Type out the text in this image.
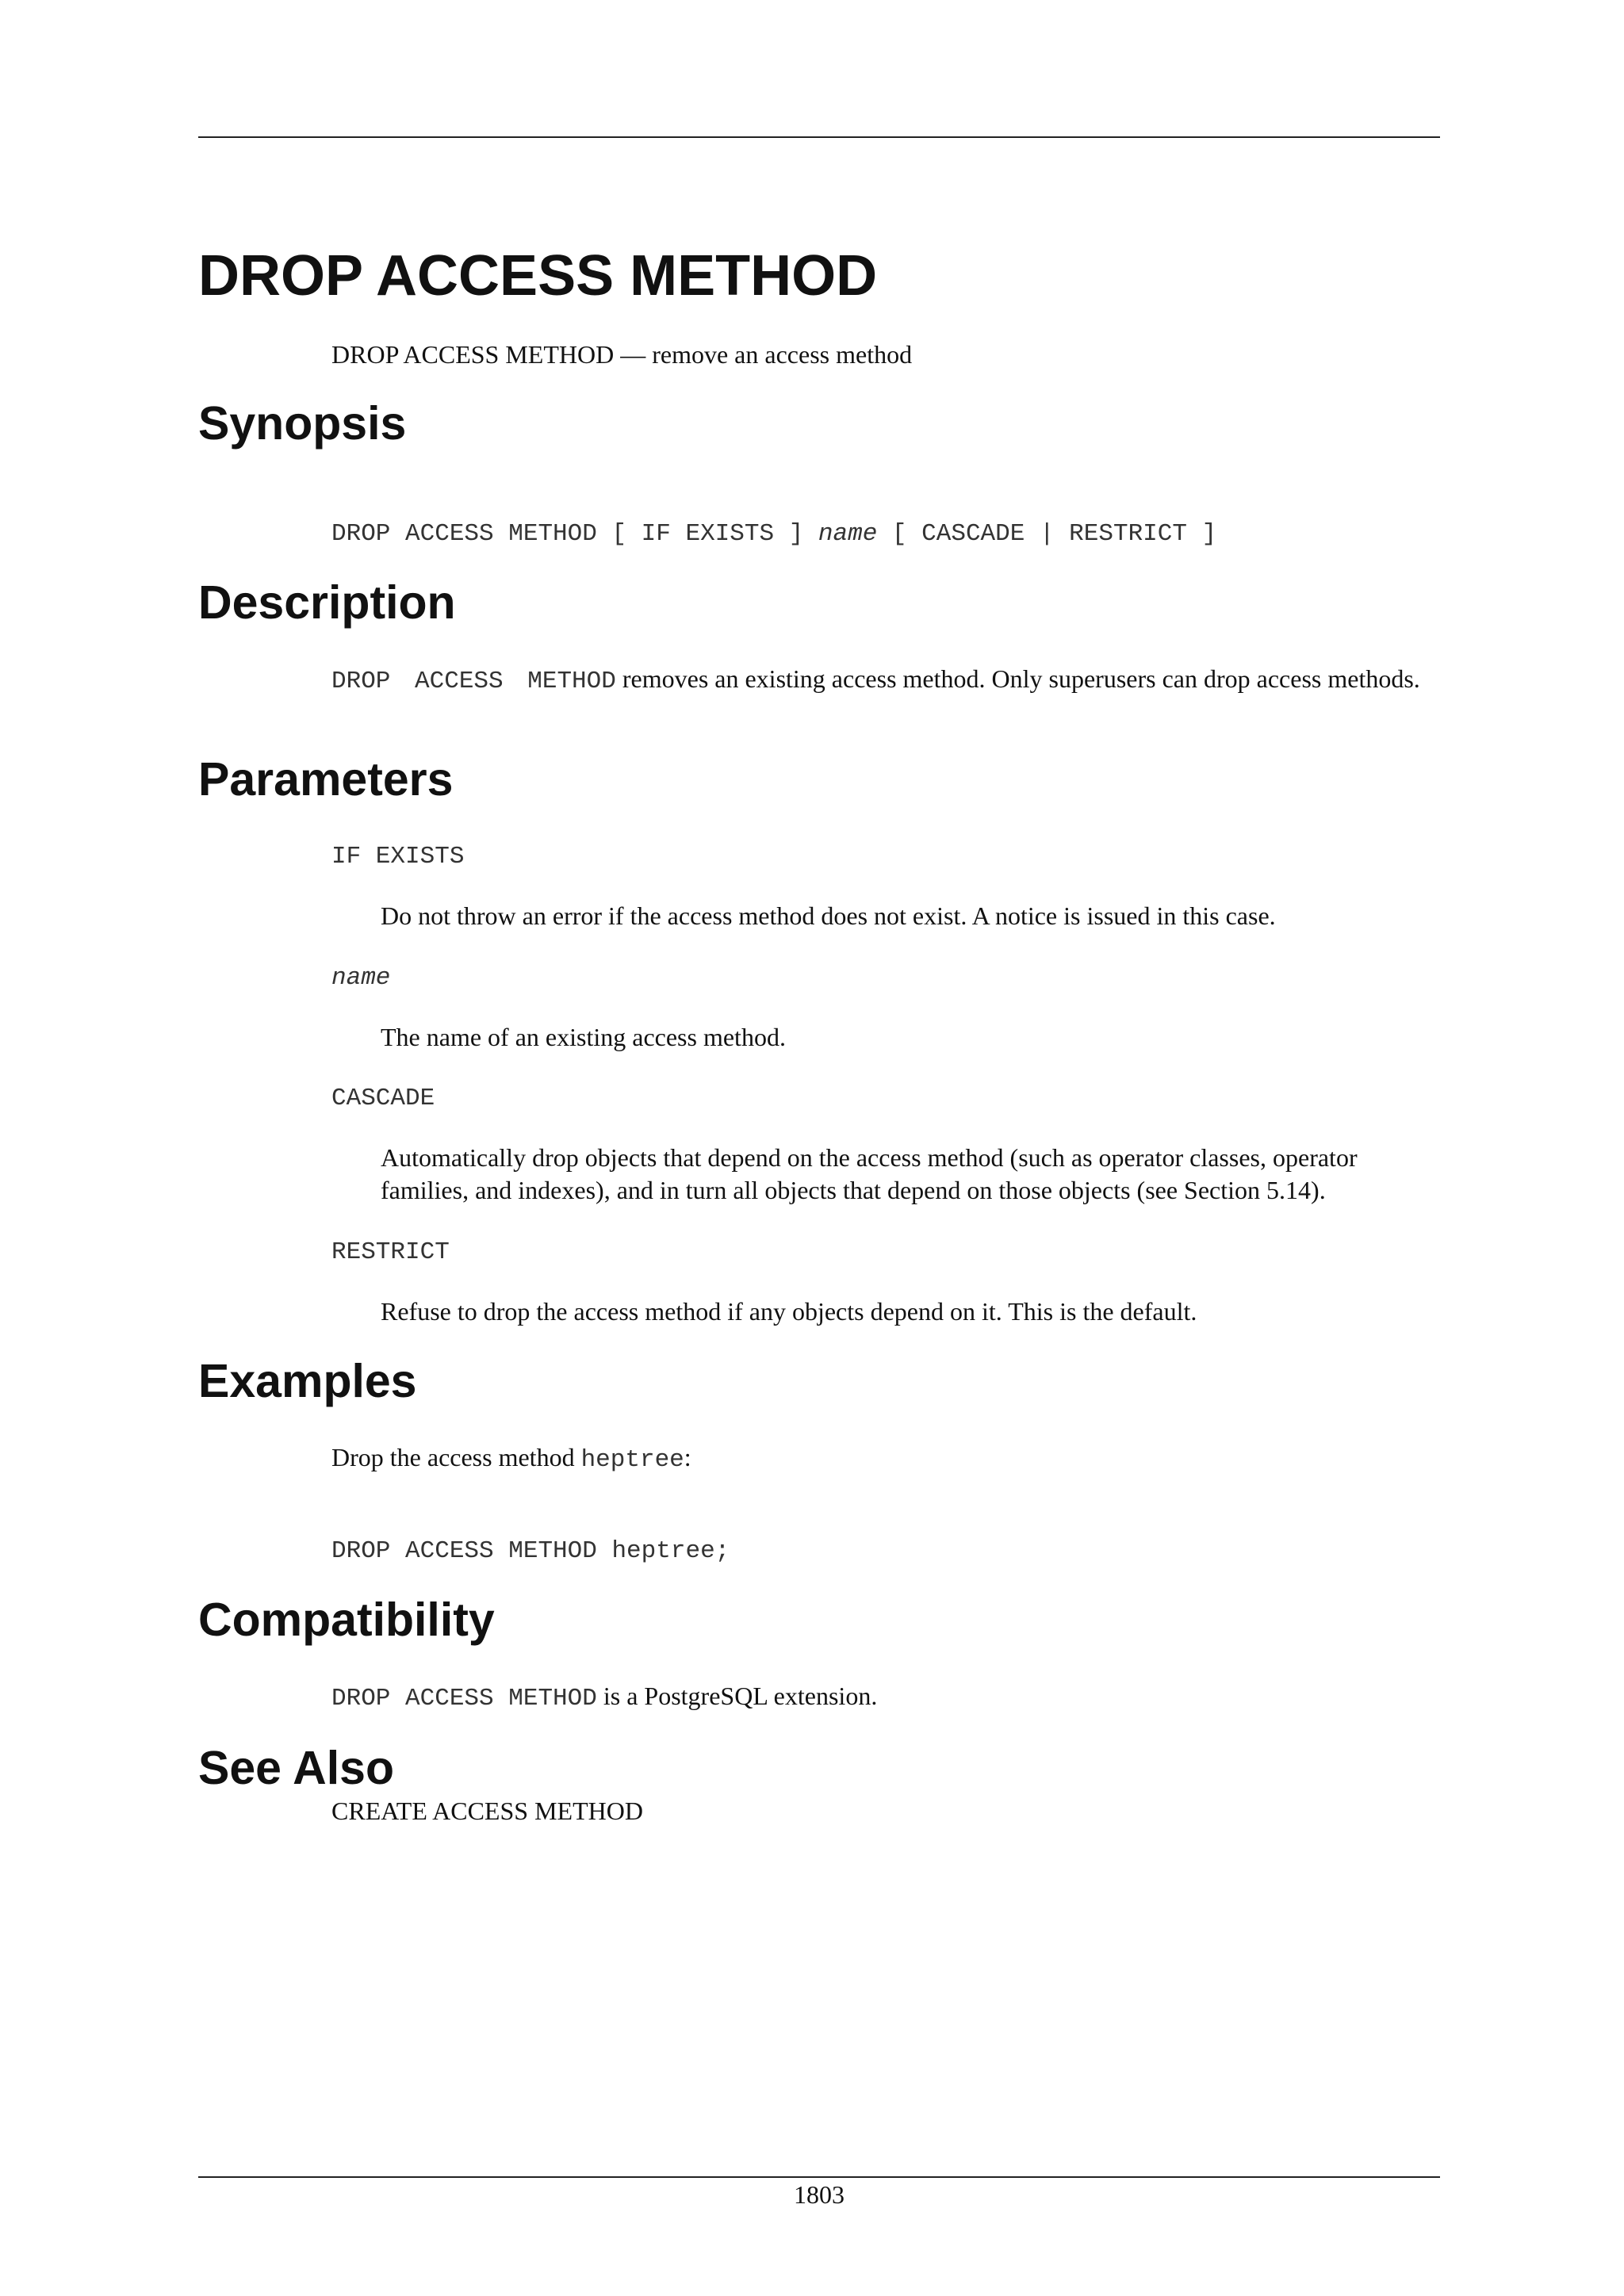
DROP ACCESS METHOD

DROP ACCESS METHOD — remove an access method

Synopsis
DROP ACCESS METHOD [ IF EXISTS ] name [ CASCADE | RESTRICT ]
Description

DROP ACCESS METHOD removes an existing access method. Only superusers can drop access methods.

Parameters
IF EXISTS

Do not throw an error if the access method does not exist. A notice is issued in this case.

name

The name of an existing access method.

CASCADE

Automatically drop objects that depend on the access method (such as operator classes, operator families, and indexes), and in turn all objects that depend on those objects (see Section 5.14).

RESTRICT

Refuse to drop the access method if any objects depend on it. This is the default.

Examples

Drop the access method heptree:

DROP ACCESS METHOD heptree;
Compatibility

DROP ACCESS METHOD is a PostgreSQL extension.

See Also

CREATE ACCESS METHOD

1803
